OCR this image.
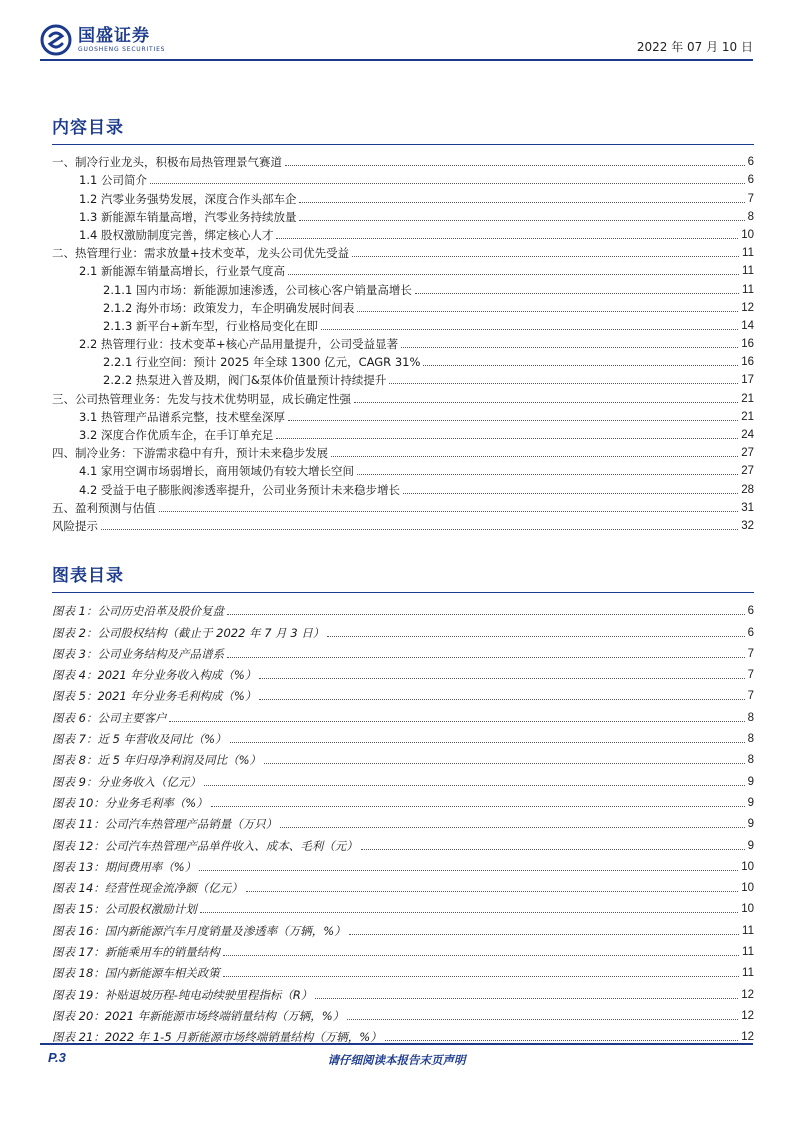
国盛证券
GUOSHENG SECURITIES	2022 年 07 月 10 日
内容目录
一、制冷行业龙头，积极布局热管理景气赛道	6
1.1 公司简介	6
1.2 汽零业务强势发展，深度合作头部车企	7
1.3 新能源车销量高增，汽零业务持续放量	8
1.4 股权激励制度完善，绑定核心人才	10
二、热管理行业：需求放量+技术变革，龙头公司优先受益	11
2.1 新能源车销量高增长，行业景气度高	11
2.1.1 国内市场：新能源加速渗透，公司核心客户销量高增长	11
2.1.2 海外市场：政策发力，车企明确发展时间表	12
2.1.3 新平台+新车型，行业格局变化在即	14
2.2 热管理行业：技术变革+核心产品用量提升，公司受益显著	16
2.2.1 行业空间：预计 2025 年全球 1300 亿元，CAGR 31%	16
2.2.2 热泵进入普及期，阀门&泵体价值量预计持续提升	17
三、公司热管理业务：先发与技术优势明显，成长确定性强	21
3.1 热管理产品谱系完整，技术壁垒深厚	21
3.2 深度合作优质车企，在手订单充足	24
四、制冷业务：下游需求稳中有升，预计未来稳步发展	27
4.1 家用空调市场弱增长，商用领域仍有较大增长空间	27
4.2 受益于电子膨胀阀渗透率提升，公司业务预计未来稳步增长	28
五、盈利预测与估值	31
风险提示	32
图表目录
图表 1：公司历史沿革及股价复盘	6
图表 2：公司股权结构（截止于 2022 年 7 月 3 日）	6
图表 3：公司业务结构及产品谱系	7
图表 4：2021 年分业务收入构成（%）	7
图表 5：2021 年分业务毛利构成（%）	7
图表 6：公司主要客户	8
图表 7：近 5 年营收及同比（%）	8
图表 8：近 5 年归母净利润及同比（%）	8
图表 9：分业务收入（亿元）	9
图表 10：分业务毛利率（%）	9
图表 11：公司汽车热管理产品销量（万只）	9
图表 12：公司汽车热管理产品单件收入、成本、毛利（元）	9
图表 13：期间费用率（%）	10
图表 14：经营性现金流净额（亿元）	10
图表 15：公司股权激励计划	10
图表 16：国内新能源汽车月度销量及渗透率（万辆，%）	11
图表 17：新能乘用车的销量结构	11
图表 18：国内新能源车相关政策	11
图表 19：补贴退坡历程-纯电动续驶里程指标（R）	12
图表 20：2021 年新能源市场终端销量结构（万辆，%）	12
图表 21：2022 年 1-5 月新能源市场终端销量结构（万辆，%）	12
P.3	请仔细阅读本报告末页声明
